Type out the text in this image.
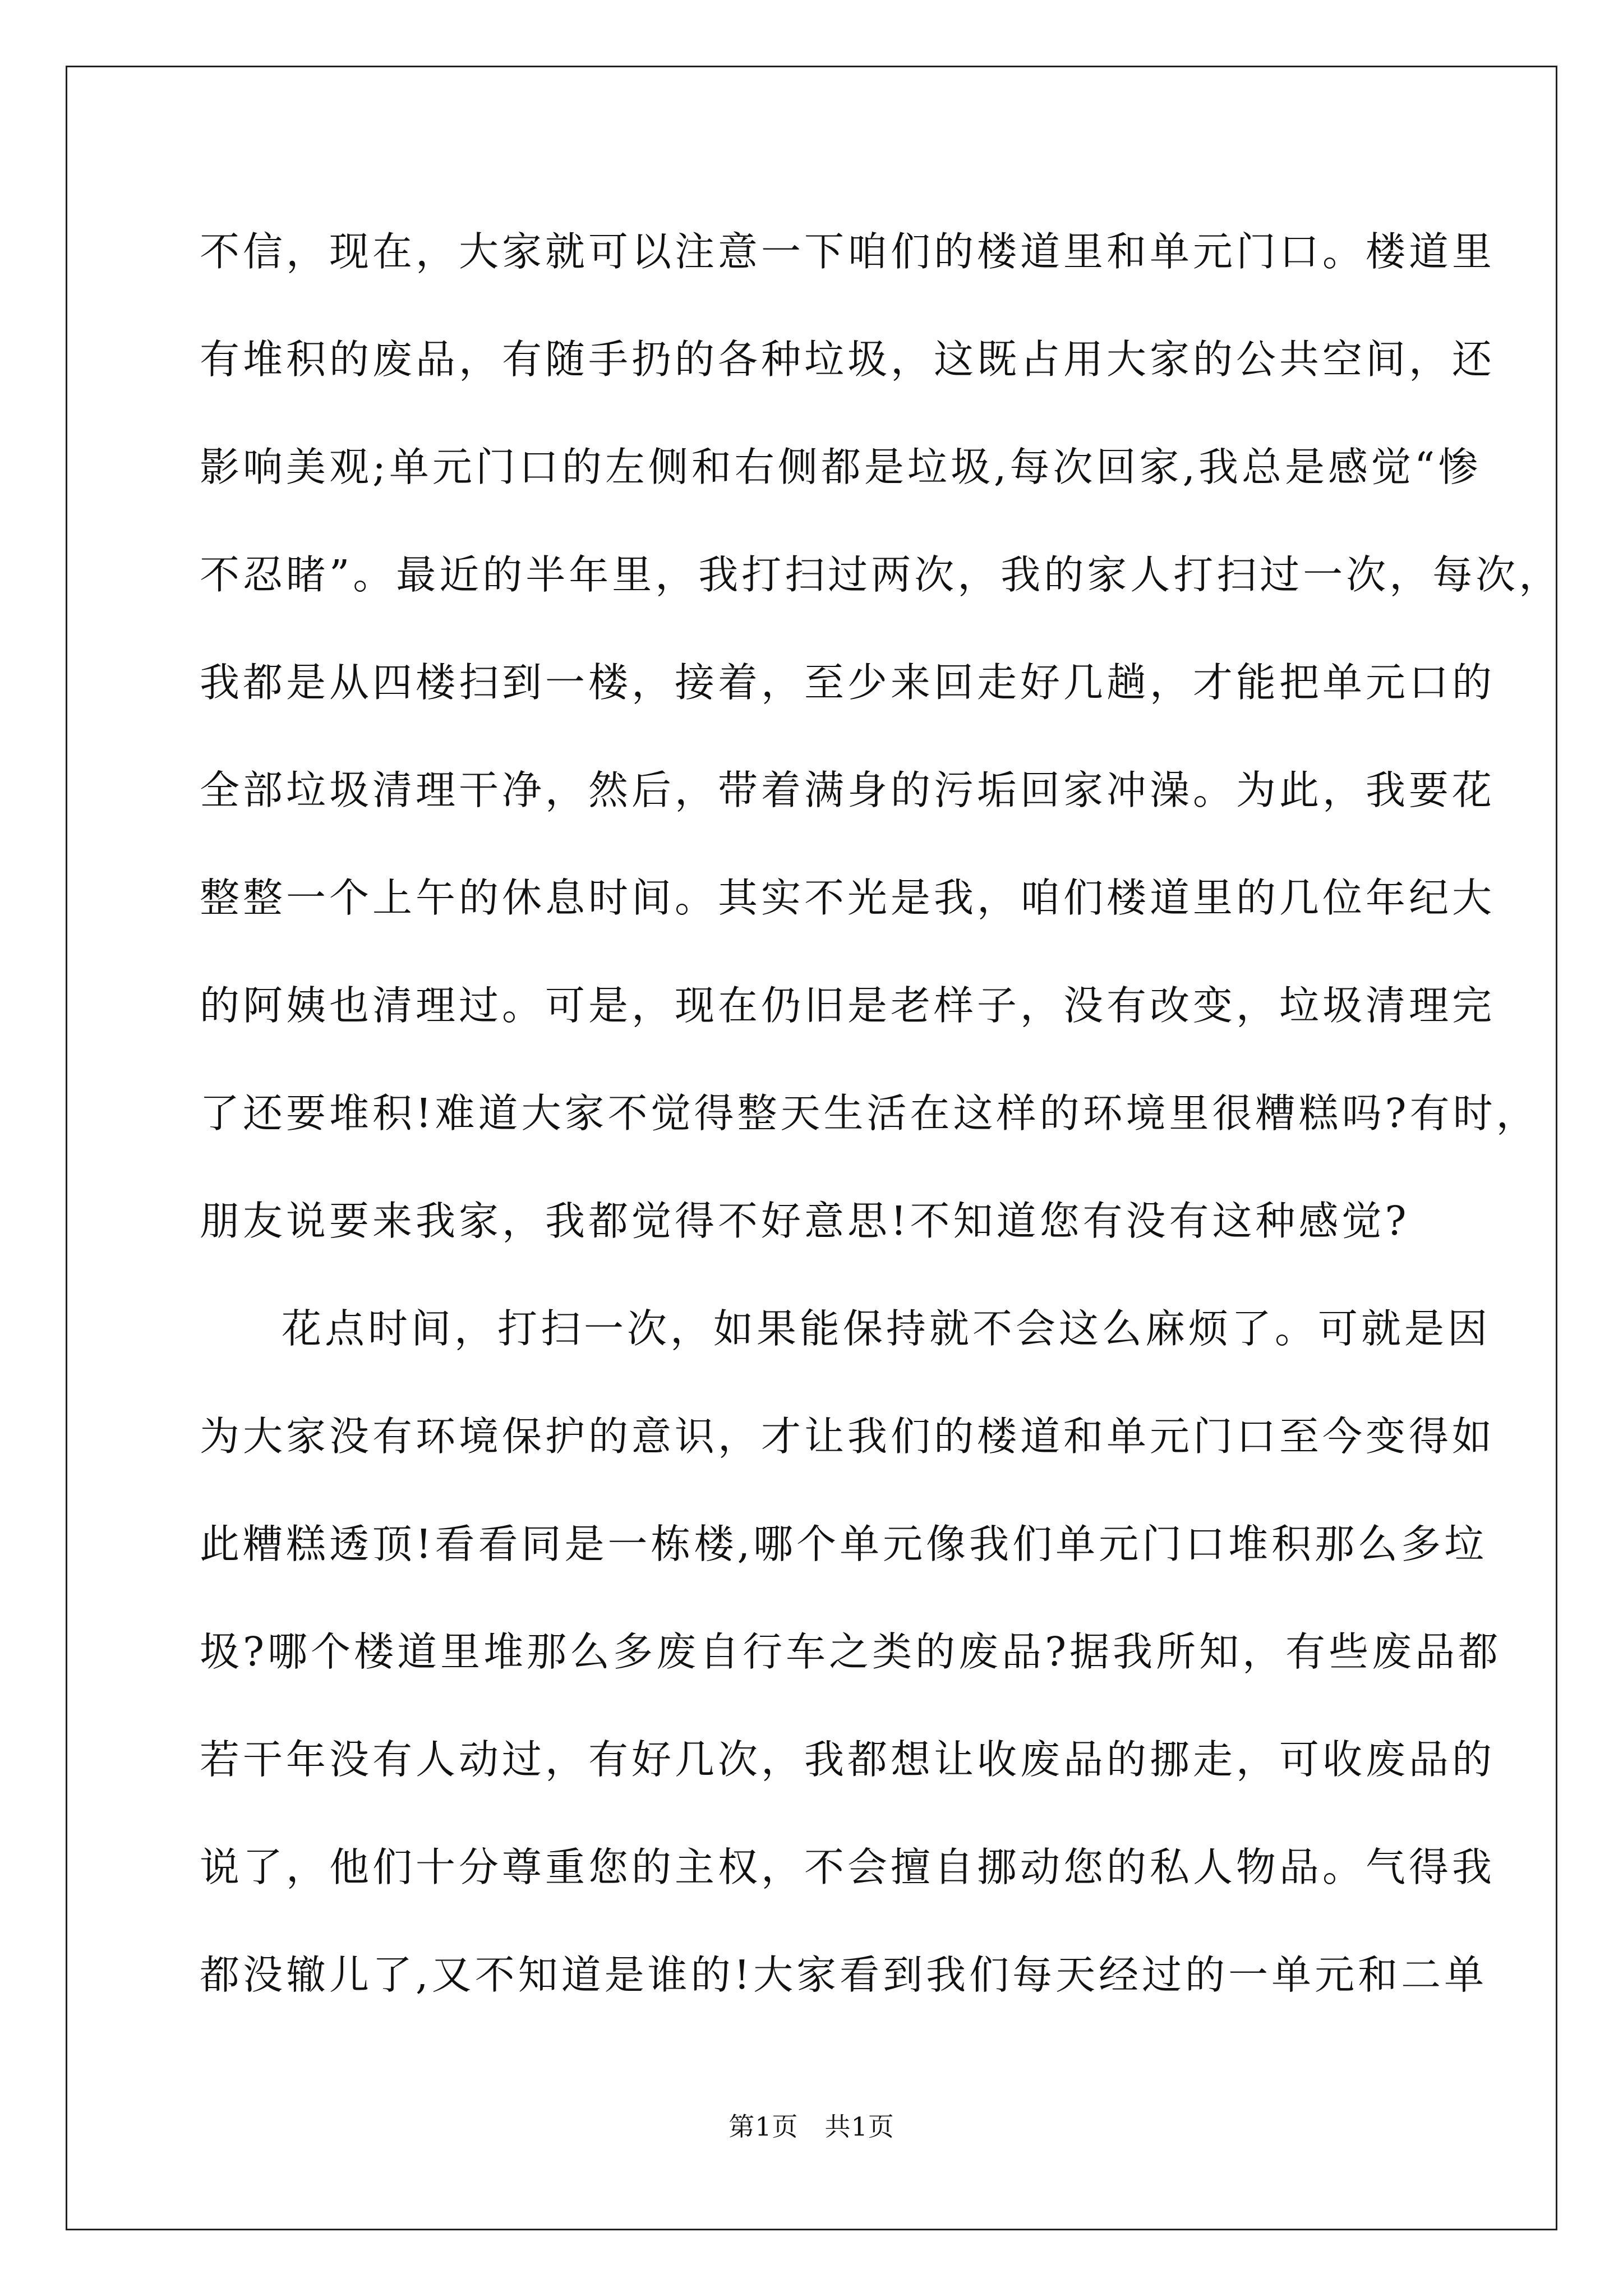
不信，现在，大家就可以注意一下咱们的楼道里和单元门口。楼道里
有堆积的废品，有随手扔的各种垃圾，这既占用大家的公共空间，还
影响美观;单元门口的左侧和右侧都是垃圾,每次回家,我总是感觉“惨
不忍睹”。最近的半年里，我打扫过两次，我的家人打扫过一次，每次，
我都是从四楼扫到一楼，接着，至少来回走好几趟，才能把单元口的
全部垃圾清理干净，然后，带着满身的污垢回家冲澡。为此，我要花
整整一个上午的休息时间。其实不光是我，咱们楼道里的几位年纪大
的阿姨也清理过。可是，现在仍旧是老样子，没有改变，垃圾清理完
了还要堆积!难道大家不觉得整天生活在这样的环境里很糟糕吗?有时，
朋友说要来我家，我都觉得不好意思!不知道您有没有这种感觉?
花点时间，打扫一次，如果能保持就不会这么麻烦了。可就是因
为大家没有环境保护的意识，才让我们的楼道和单元门口至今变得如
此糟糕透顶!看看同是一栋楼,哪个单元像我们单元门口堆积那么多垃
圾?哪个楼道里堆那么多废自行车之类的废品?据我所知，有些废品都
若干年没有人动过，有好几次，我都想让收废品的挪走，可收废品的
说了，他们十分尊重您的主权，不会擅自挪动您的私人物品。气得我
都没辙儿了,又不知道是谁的!大家看到我们每天经过的一单元和二单
第1页　共1页
